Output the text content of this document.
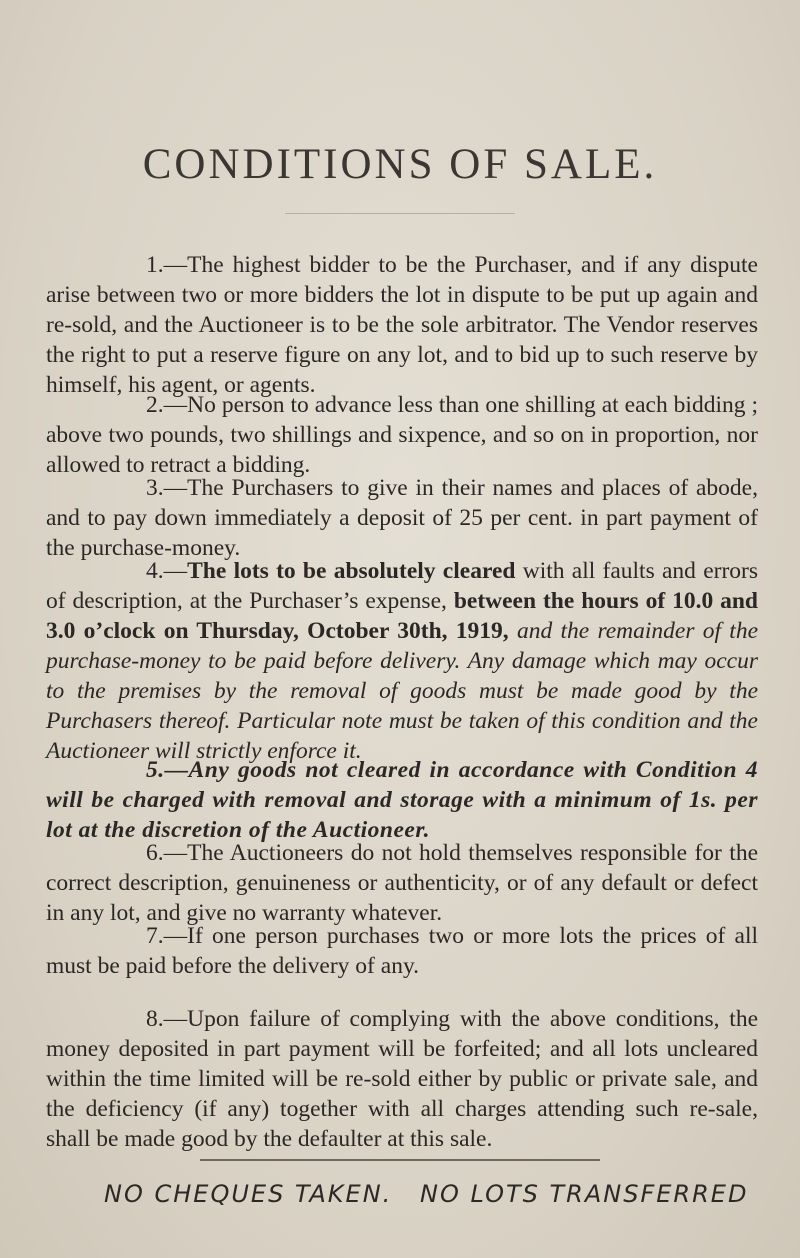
CONDITIONS OF SALE.
1.—The highest bidder to be the Purchaser, and if any dispute arise between two or more bidders the lot in dispute to be put up again and re-sold, and the Auctioneer is to be the sole arbitrator. The Vendor reserves the right to put a reserve figure on any lot, and to bid up to such reserve by himself, his agent, or agents.
2.—No person to advance less than one shilling at each bidding ; above two pounds, two shillings and sixpence, and so on in proportion, nor allowed to retract a bidding.
3.—The Purchasers to give in their names and places of abode, and to pay down immediately a deposit of 25 per cent. in part payment of the purchase-money.
4.—The lots to be absolutely cleared with all faults and errors of description, at the Purchaser’s expense, between the hours of 10.0 and 3.0 o’clock on Thursday, October 30th, 1919, and the remainder of the purchase-money to be paid before delivery. Any damage which may occur to the premises by the removal of goods must be made good by the Purchasers thereof. Particular note must be taken of this condition and the Auctioneer will strictly enforce it.
5.—Any goods not cleared in accordance with Condition 4 will be charged with removal and storage with a minimum of 1s. per lot at the discretion of the Auctioneer.
6.—The Auctioneers do not hold themselves responsible for the correct description, genuineness or authenticity, or of any default or defect in any lot, and give no warranty whatever.
7.—If one person purchases two or more lots the prices of all must be paid before the delivery of any.
8.—Upon failure of complying with the above conditions, the money deposited in part payment will be forfeited; and all lots uncleared within the time limited will be re-sold either by public or private sale, and the deficiency (if any) together with all charges attending such re-sale, shall be made good by the defaulter at this sale.
NO CHEQUES TAKEN. NO LOTS TRANSFERRED
